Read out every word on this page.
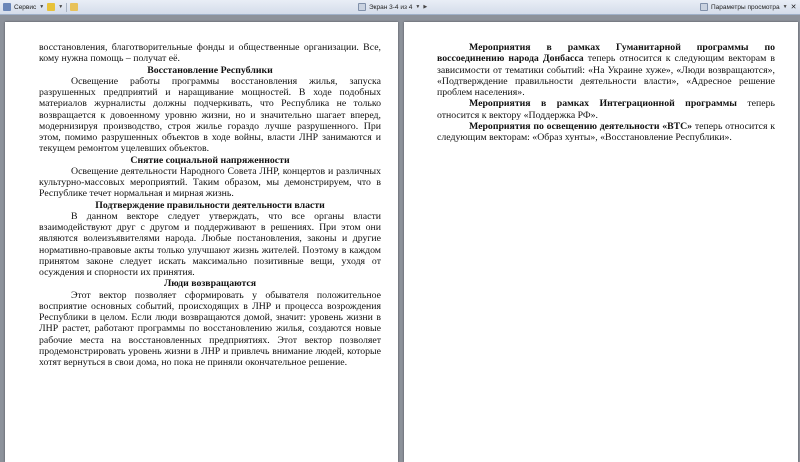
Сервис ▼	▼	Экран 3-4 из 4 ▼ ▶	Параметры просмотра ▼ ✕

восстановления, благотворительные фонды и общественные организации. Все, кому нужна помощь – получат её.

Восстановление Республики

Освещение работы программы восстановления жилья, запуска разрушенных предприятий и наращивание мощностей. В ходе подобных материалов журналисты должны подчеркивать, что Республика не только возвращается к довоенному уровню жизни, но и значительно шагает вперед, модернизируя производство, строя жилье гораздо лучше разрушенного. При этом, помимо разрушенных объектов в ходе войны, власти ЛНР занимаются и текущем ремонтом уцелевших объектов.

Снятие социальной напряженности

Освещение деятельности Народного Совета ЛНР, концертов и различных культурно-массовых мероприятий. Таким образом, мы демонстрируем, что в Республике течет нормальная и мирная жизнь.

Подтверждение правильности деятельности власти

В данном векторе следует утверждать, что все органы власти взаимодействуют друг с другом и поддерживают в решениях. При этом они являются волеизъявителями народа. Любые постановления, законы и другие нормативно-правовые акты только улучшают жизнь жителей. Поэтому в каждом принятом законе следует искать максимально позитивные вещи, уходя от осуждения и спорности их принятия.

Люди возвращаются

Этот вектор позволяет сформировать у обывателя положительное восприятие основных событий, происходящих в ЛНР и процесса возрождения Республики в целом. Если люди возвращаются домой, значит: уровень жизни в ЛНР растет, работают программы по восстановлению жилья, создаются новые рабочие места на восстановленных предприятиях. Этот вектор позволяет продемонстрировать уровень жизни в ЛНР и привлечь внимание людей, которые хотят вернуться в свои дома, но пока не приняли окончательное решение.

Мероприятия в рамках Гуманитарной программы по воссоединению народа Донбасса теперь относится к следующим векторам в зависимости от тематики событий: «На Украине хуже», «Люди возвращаются», «Подтверждение правильности деятельности власти», «Адресное решение проблем населения».

Мероприятия в рамках Интеграционной программы теперь относится к вектору «Поддержка РФ».

Мероприятия по освещению деятельности «ВТС» теперь относится к следующим векторам: «Образ хунты», «Восстановление Республики».
